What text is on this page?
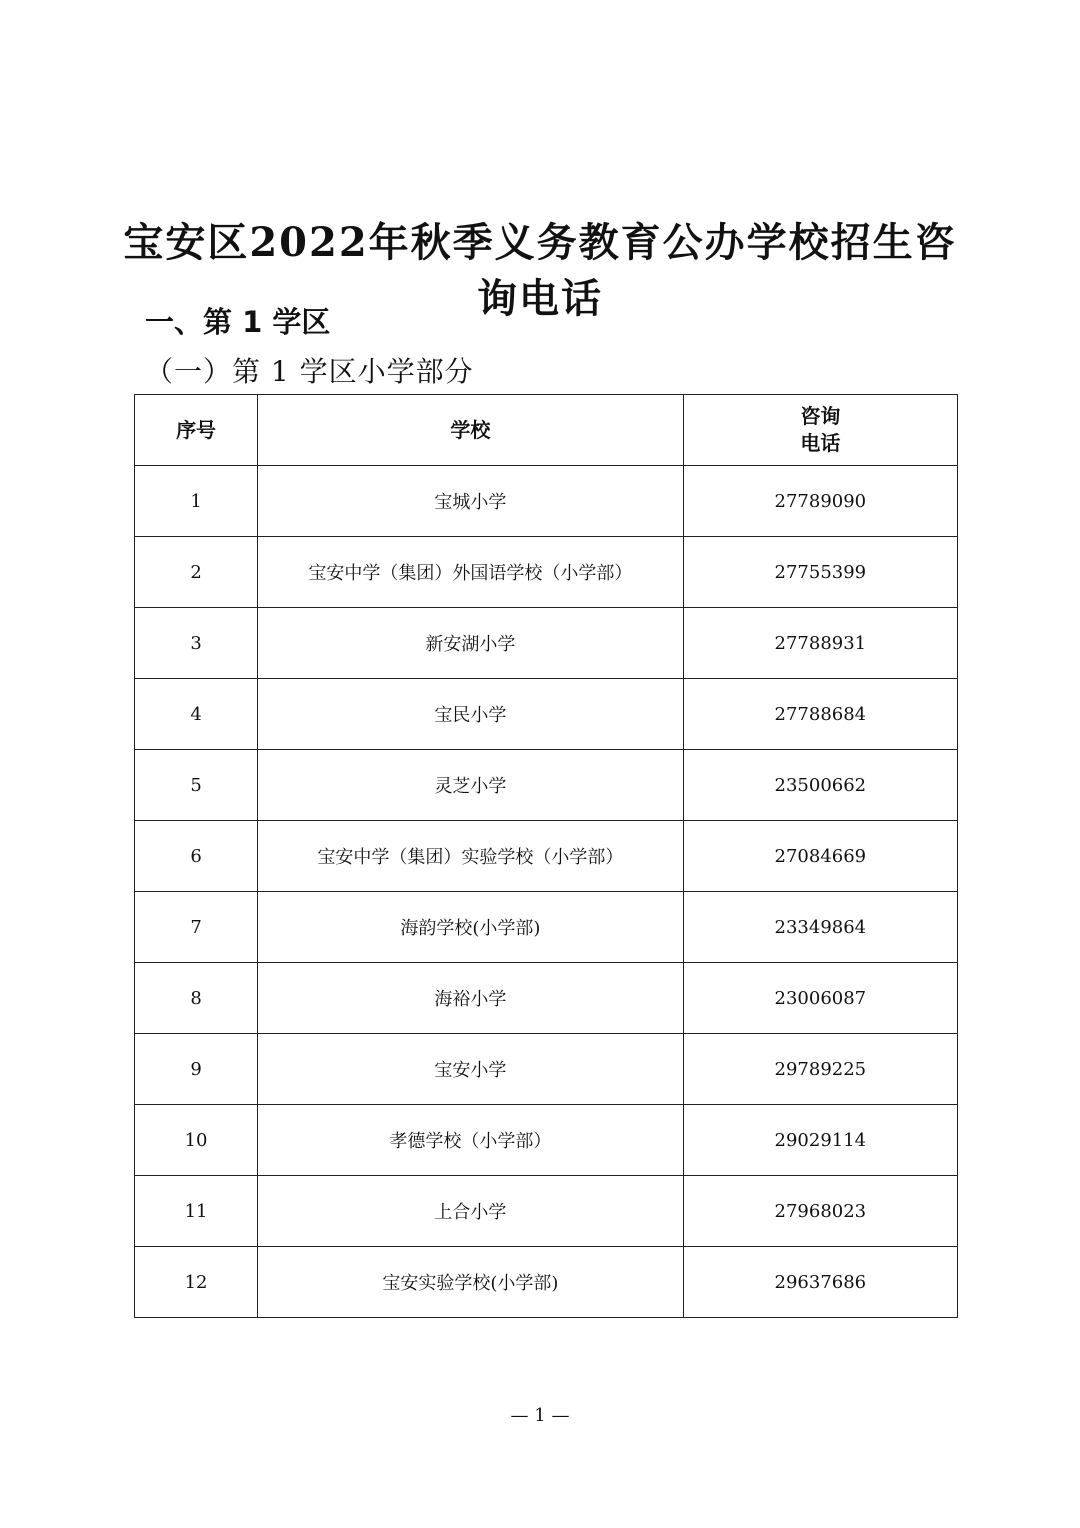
宝安区2022年秋季义务教育公办学校招生咨询电话
一、第 1 学区
（一）第 1 学区小学部分
序号	学校	咨询
电话

1	宝城小学	27789090
2	宝安中学（集团）外国语学校（小学部）	27755399
3	新安湖小学	27788931
4	宝民小学	27788684
5	灵芝小学	23500662
6	宝安中学（集团）实验学校（小学部）	27084669
7	海韵学校(小学部)	23349864
8	海裕小学	23006087
9	宝安小学	29789225
10	孝德学校（小学部）	29029114
11	上合小学	27968023
12	宝安实验学校(小学部)	29637686
— 1 —
